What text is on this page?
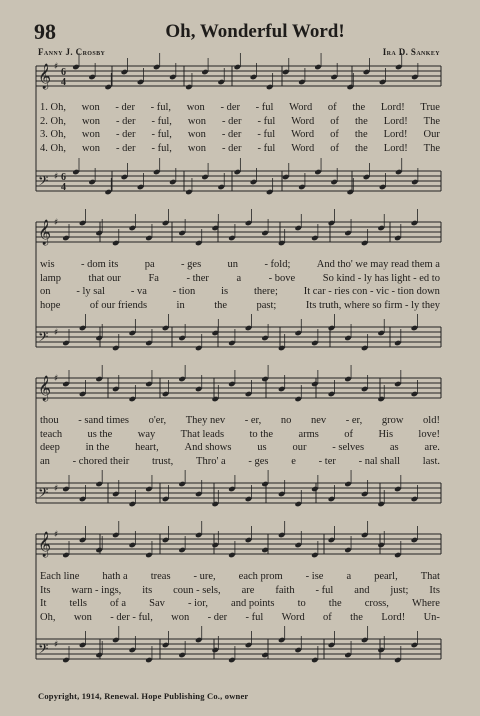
98	Oh, Wonderful Word!
Fanny J. Crosby	Ira D. Sankey
𝄞 6
4
♯
𝄢 6
4
♯
𝄞 ♯
𝄢 ♯
𝄞 ♯
𝄢 ♯
𝄞 ♯
𝄢 ♯
1. Oh, won - der - ful, won - der - ful Word of the Lord! True
2. Oh, won - der - ful, won - der - ful Word of the Lord! The
3. Oh, won - der - ful, won - der - ful Word of the Lord! Our
4. Oh, won - der - ful, won - der - ful Word of the Lord! The
wis	- dom its	pa	- ges	un	- fold;	And tho' we may read them a
lamp	that our	Fa	- ther	a	- bove	So kind - ly has light - ed to
on - ly sal - va - tion is there; It car - ries con - vic - tion down
hope	of our friends	in	the	past;	Its truth, where so firm - ly they
thou - sand times o'er, They nev - er, no nev - er, grow old!
teach us the way That leads to the arms of His love!
deep in the heart, And shows us our - selves as are.
an - chored their trust, Thro' a - ges e - ter - nal shall last.
Each line hath a treas - ure, each prom - ise a pearl, That
Its warn - ings, its coun - sels, are faith - ful and just; Its
It tells of a Sav - ior, and points to the cross, Where
Oh, won - der - ful, won - der - ful Word of the Lord! Un-
Copyright, 1914, Renewal. Hope Publishing Co., owner
